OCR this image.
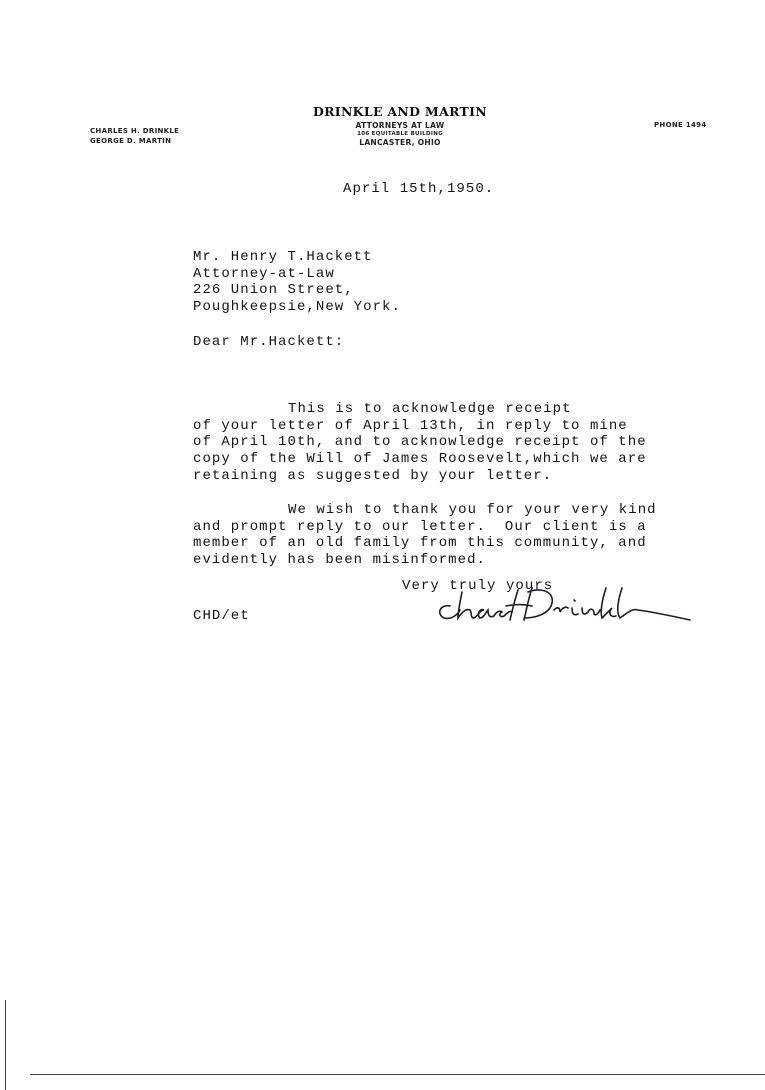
CHARLES H. DRINKLE
GEORGE D. MARTIN
DRINKLE AND MARTIN
ATTORNEYS AT LAW
106 EQUITABLE BUILDING
LANCASTER, OHIO
PHONE 1494
April 15th,1950.
Mr. Henry T.Hackett
Attorney-at-Law
226 Union Street,
Poughkeepsie,New York.
Dear Mr.Hackett:
This is to acknowledge receipt
of your letter of April 13th, in reply to mine
of April 10th, and to acknowledge receipt of the
copy of the Will of James Roosevelt,which we are
retaining as suggested by your letter.
We wish to thank you for your very kind
and prompt reply to our letter.  Our client is a
member of an old family from this community, and
evidently has been misinformed.
Very truly yours
CHD/et
